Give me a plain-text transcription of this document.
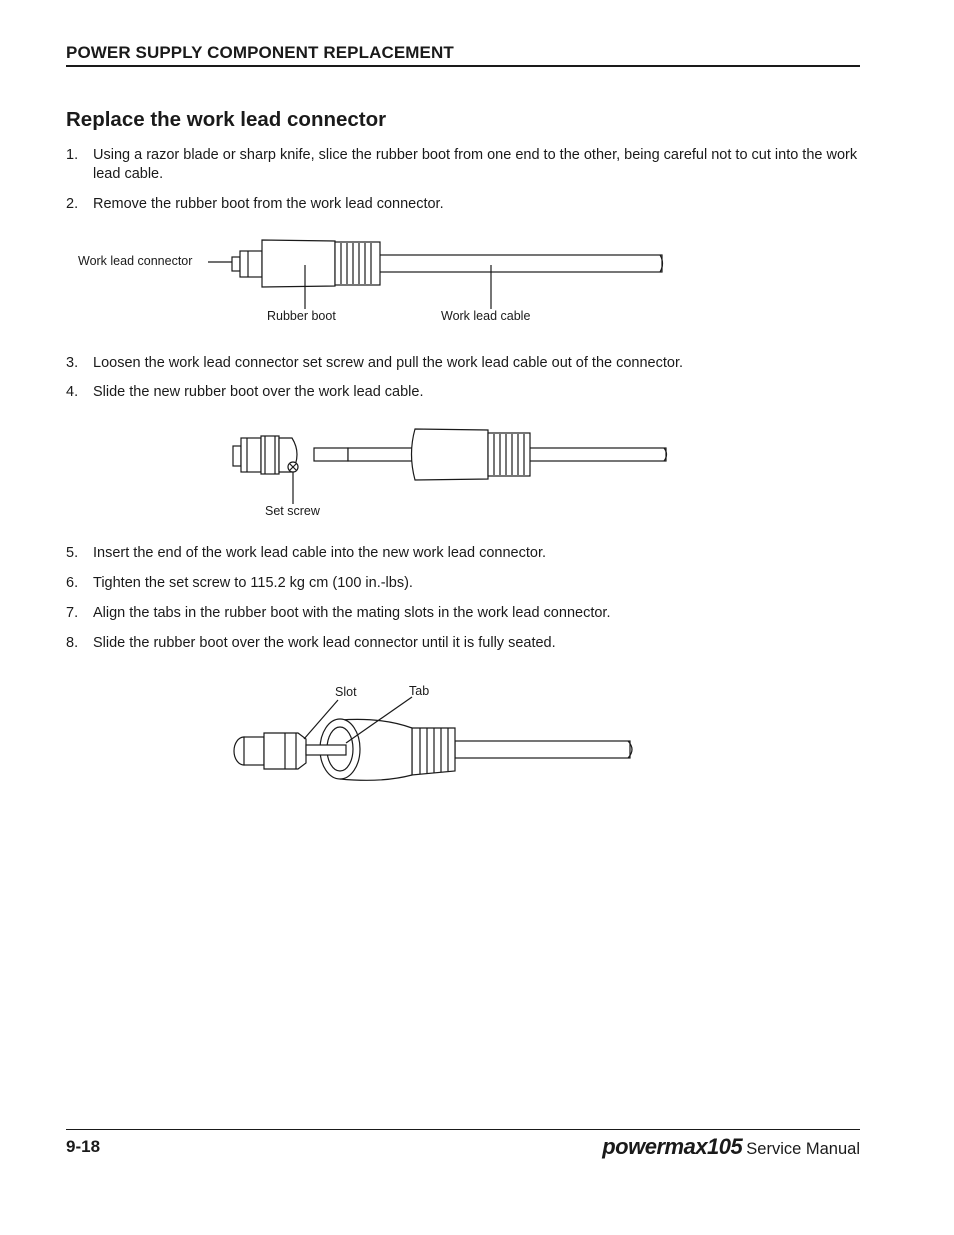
POWER SUPPLY COMPONENT REPLACEMENT
Replace the work lead connector
1.	Using a razor blade or sharp knife, slice the rubber boot from one end to the other, being careful not to cut into the work lead cable.
2.	Remove the rubber boot from the work lead connector.
Work lead connector
Rubber boot	Work lead cable
3.	Loosen the work lead connector set screw and pull the work lead cable out of the connector.
4.	Slide the new rubber boot over the work lead cable.
Set screw
5.	Insert the end of the work lead cable into the new work lead connector.
6.	Tighten the set screw to 115.2 kg cm (100 in.-lbs).
7.	Align the tabs in the rubber boot with the mating slots in the work lead connector.
8.	Slide the rubber boot over the work lead connector until it is fully seated.
Slot	Tab
9-18	powermax105 Service Manual
